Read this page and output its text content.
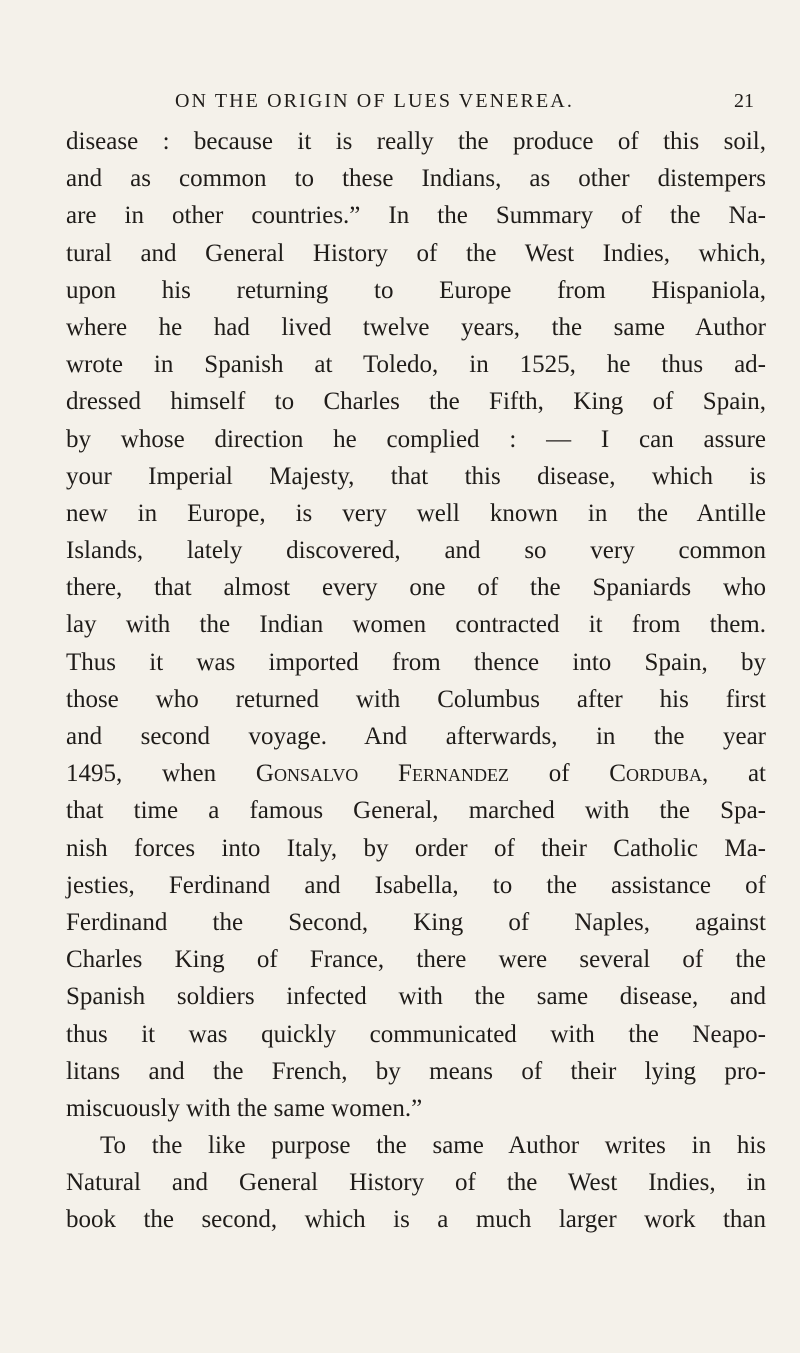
ON THE ORIGIN OF LUES VENEREA.	21
disease : because it is really the produce of this soil,
and as common to these Indians, as other distempers
are in other countries.” In the Summary of the Na-
tural and General History of the West Indies, which,
upon his returning to Europe from Hispaniola,
where he had lived twelve years, the same Author
wrote in Spanish at Toledo, in 1525, he thus ad-
dressed himself to Charles the Fifth, King of Spain,
by whose direction he complied : — I can assure
your Imperial Majesty, that this disease, which is
new in Europe, is very well known in the Antille
Islands, lately discovered, and so very common
there, that almost every one of the Spaniards who
lay with the Indian women contracted it from them.
Thus it was imported from thence into Spain, by
those who returned with Columbus after his first
and second voyage. And afterwards, in the year
1495, when Gonsalvo Fernandez of Corduba, at
that time a famous General, marched with the Spa-
nish forces into Italy, by order of their Catholic Ma-
jesties, Ferdinand and Isabella, to the assistance of
Ferdinand the Second, King of Naples, against
Charles King of France, there were several of the
Spanish soldiers infected with the same disease, and
thus it was quickly communicated with the Neapo-
litans and the French, by means of their lying pro-
miscuously with the same women.”
To the like purpose the same Author writes in his
Natural and General History of the West Indies, in
book the second, which is a much larger work than
